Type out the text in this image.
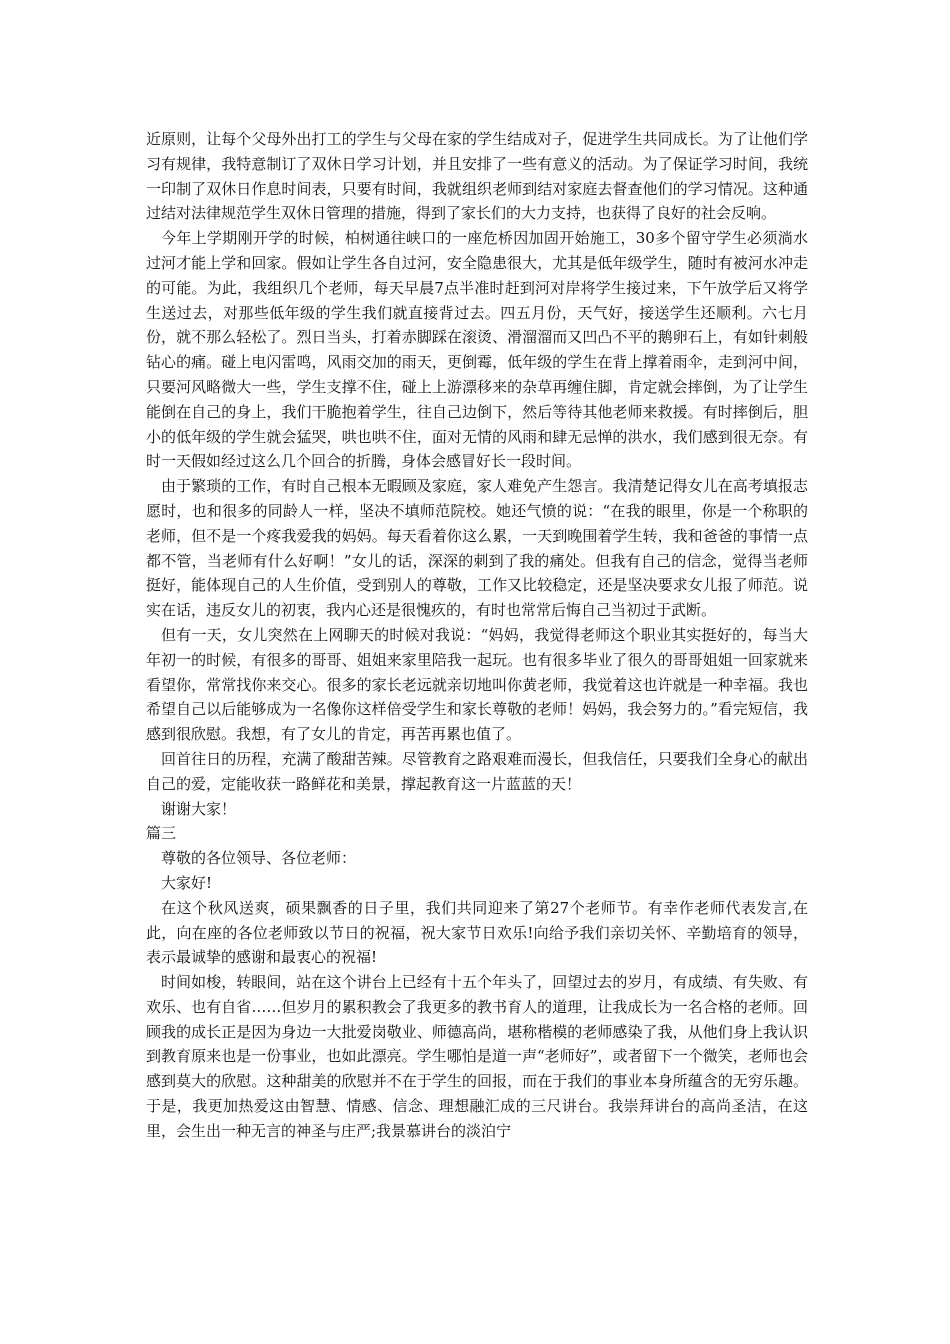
近原则，让每个父母外出打工的学生与父母在家的学生结成对子，促进学生共同成长。为了让他们学习有规律，我特意制订了双休日学习计划，并且安排了一些有意义的活动。为了保证学习时间，我统一印制了双休日作息时间表，只要有时间，我就组织老师到结对家庭去督查他们的学习情况。这种通过结对法律规范学生双休日管理的措施，得到了家长们的大力支持，也获得了良好的社会反响。

今年上学期刚开学的时候，柏树通往峡口的一座危桥因加固开始施工，30多个留守学生必须淌水过河才能上学和回家。假如让学生各自过河，安全隐患很大，尤其是低年级学生，随时有被河水冲走的可能。为此，我组织几个老师，每天早晨7点半准时赶到河对岸将学生接过来，下午放学后又将学生送过去，对那些低年级的学生我们就直接背过去。四五月份，天气好，接送学生还顺利。六七月份，就不那么轻松了。烈日当头，打着赤脚踩在滚烫、滑溜溜而又凹凸不平的鹅卵石上，有如针刺般钻心的痛。碰上电闪雷鸣，风雨交加的雨天，更倒霉，低年级的学生在背上撑着雨伞，走到河中间，只要河风略微大一些，学生支撑不住，碰上上游漂移来的杂草再缠住脚，肯定就会摔倒，为了让学生能倒在自己的身上，我们干脆抱着学生，往自己边倒下，然后等待其他老师来救援。有时摔倒后，胆小的低年级的学生就会猛哭，哄也哄不住，面对无情的风雨和肆无忌惮的洪水，我们感到很无奈。有时一天假如经过这么几个回合的折腾，身体会感冒好长一段时间。

由于繁琐的工作，有时自己根本无暇顾及家庭，家人难免产生怨言。我清楚记得女儿在高考填报志愿时，也和很多的同龄人一样，坚决不填师范院校。她还气愤的说：“在我的眼里，你是一个称职的老师，但不是一个疼我爱我的妈妈。每天看着你这么累，一天到晚围着学生转，我和爸爸的事情一点都不管，当老师有什么好啊！”女儿的话，深深的刺到了我的痛处。但我有自己的信念，觉得当老师挺好，能体现自己的人生价值，受到别人的尊敬，工作又比较稳定，还是坚决要求女儿报了师范。说实在话，违反女儿的初衷，我内心还是很愧疚的，有时也常常后悔自己当初过于武断。

但有一天，女儿突然在上网聊天的时候对我说：“妈妈，我觉得老师这个职业其实挺好的，每当大年初一的时候，有很多的哥哥、姐姐来家里陪我一起玩。也有很多毕业了很久的哥哥姐姐一回家就来看望你，常常找你来交心。很多的家长老远就亲切地叫你黄老师，我觉着这也许就是一种幸福。我也希望自己以后能够成为一名像你这样倍受学生和家长尊敬的老师！妈妈，我会努力的。”看完短信，我感到很欣慰。我想，有了女儿的肯定，再苦再累也值了。

回首往日的历程，充满了酸甜苦辣。尽管教育之路艰难而漫长，但我信任，只要我们全身心的献出自己的爱，定能收获一路鲜花和美景，撑起教育这一片蓝蓝的天！

谢谢大家！

篇三

尊敬的各位领导、各位老师：

大家好!

在这个秋风送爽，硕果飘香的日子里，我们共同迎来了第27个老师节。有幸作老师代表发言,在此，向在座的各位老师致以节日的祝福，祝大家节日欢乐!向给予我们亲切关怀、辛勤培育的领导，表示最诚挚的感谢和最衷心的祝福!

时间如梭，转眼间，站在这个讲台上已经有十五个年头了，回望过去的岁月，有成绩、有失败、有欢乐、也有自省……但岁月的累积教会了我更多的教书育人的道理，让我成长为一名合格的老师。回顾我的成长正是因为身边一大批爱岗敬业、师德高尚，堪称楷模的老师感染了我，从他们身上我认识到教育原来也是一份事业，也如此漂亮。学生哪怕是道一声“老师好”，或者留下一个微笑，老师也会感到莫大的欣慰。这种甜美的欣慰并不在于学生的回报，而在于我们的事业本身所蕴含的无穷乐趣。于是，我更加热爱这由智慧、情感、信念、理想融汇成的三尺讲台。我崇拜讲台的高尚圣洁，在这里，会生出一种无言的神圣与庄严;我景慕讲台的淡泊宁
